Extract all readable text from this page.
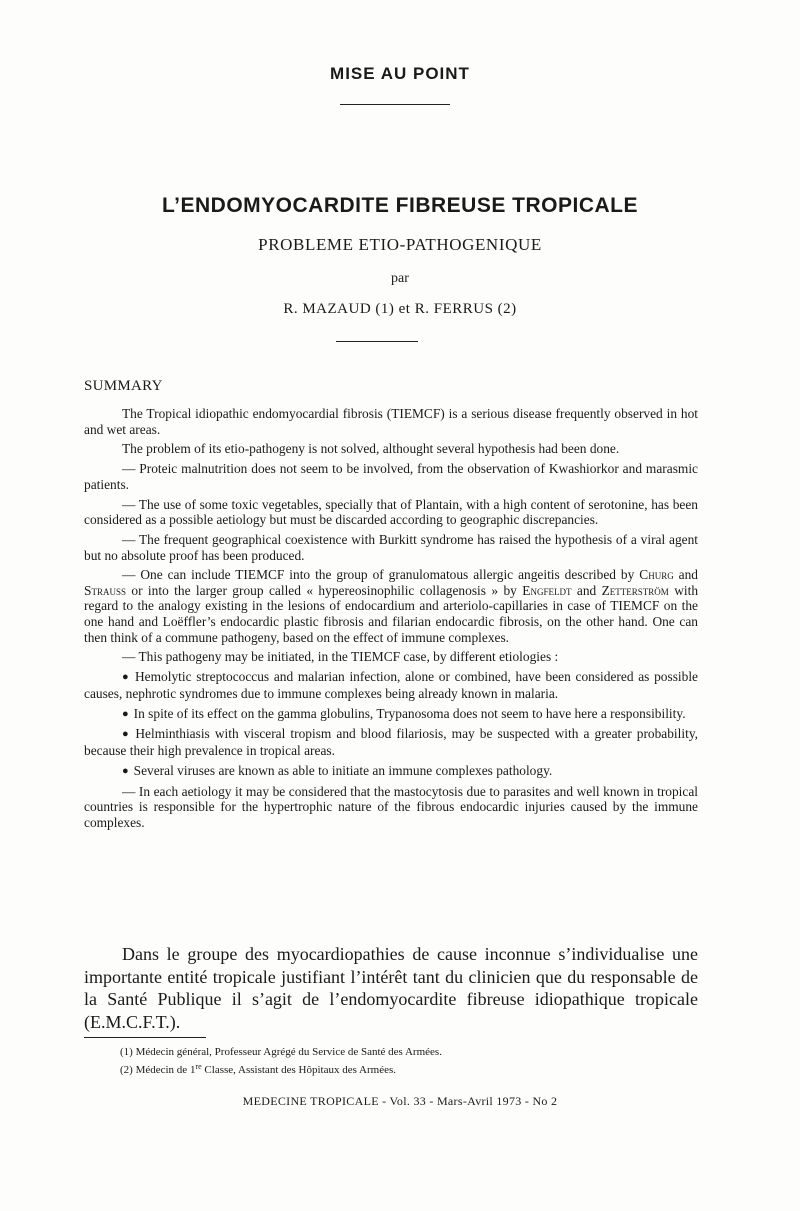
MISE AU POINT
L’ENDOMYOCARDITE FIBREUSE TROPICALE
PROBLEME ETIO-PATHOGENIQUE
par
R. MAZAUD (1) et R. FERRUS (2)
SUMMARY

The Tropical idiopathic endomyocardial fibrosis (TIEMCF) is a serious disease frequently observed in hot and wet areas.

The problem of its etio-pathogeny is not solved, althought several hypothesis had been done.

— Proteic malnutrition does not seem to be involved, from the observation of Kwashiorkor and marasmic patients.

— The use of some toxic vegetables, specially that of Plantain, with a high content of serotonine, has been considered as a possible aetiology but must be discarded according to geographic discrepancies.

— The frequent geographical coexistence with Burkitt syndrome has raised the hypothesis of a viral agent but no absolute proof has been produced.

— One can include TIEMCF into the group of granulomatous allergic angeitis described by Churg and Strauss or into the larger group called « hypereosinophilic collagenosis » by Engfeldt and Zetterström with regard to the analogy existing in the lesions of endocardium and arteriolo-capillaries in case of TIEMCF on the one hand and Loëffler’s endocardic plastic fibrosis and filarian endocardic fibrosis, on the other hand. One can then think of a commune pathogeny, based on the effect of immune complexes.

— This pathogeny may be initiated, in the TIEMCF case, by different etiologies :

● Hemolytic streptococcus and malarian infection, alone or combined, have been considered as possible causes, nephrotic syndromes due to immune complexes being already known in malaria.

● In spite of its effect on the gamma globulins, Trypanosoma does not seem to have here a responsibility.

● Helminthiasis with visceral tropism and blood filariosis, may be suspected with a greater probability, because their high prevalence in tropical areas.

● Several viruses are known as able to initiate an immune complexes pathology.

— In each aetiology it may be considered that the mastocytosis due to parasites and well known in tropical countries is responsible for the hypertrophic nature of the fibrous endocardic injuries caused by the immune complexes.

Dans le groupe des myocardiopathies de cause inconnue s’individualise une importante entité tropicale justifiant l’intérêt tant du clinicien que du responsable de la Santé Publique il s’agit de l’endomyocardite fibreuse idiopathique tropicale (E.M.C.F.T.).

(1) Médecin général, Professeur Agrégé du Service de Santé des Armées.
(2) Médecin de 1re Classe, Assistant des Hôpitaux des Armées.
MEDECINE TROPICALE - Vol. 33 - Mars-Avril 1973 - No 2
